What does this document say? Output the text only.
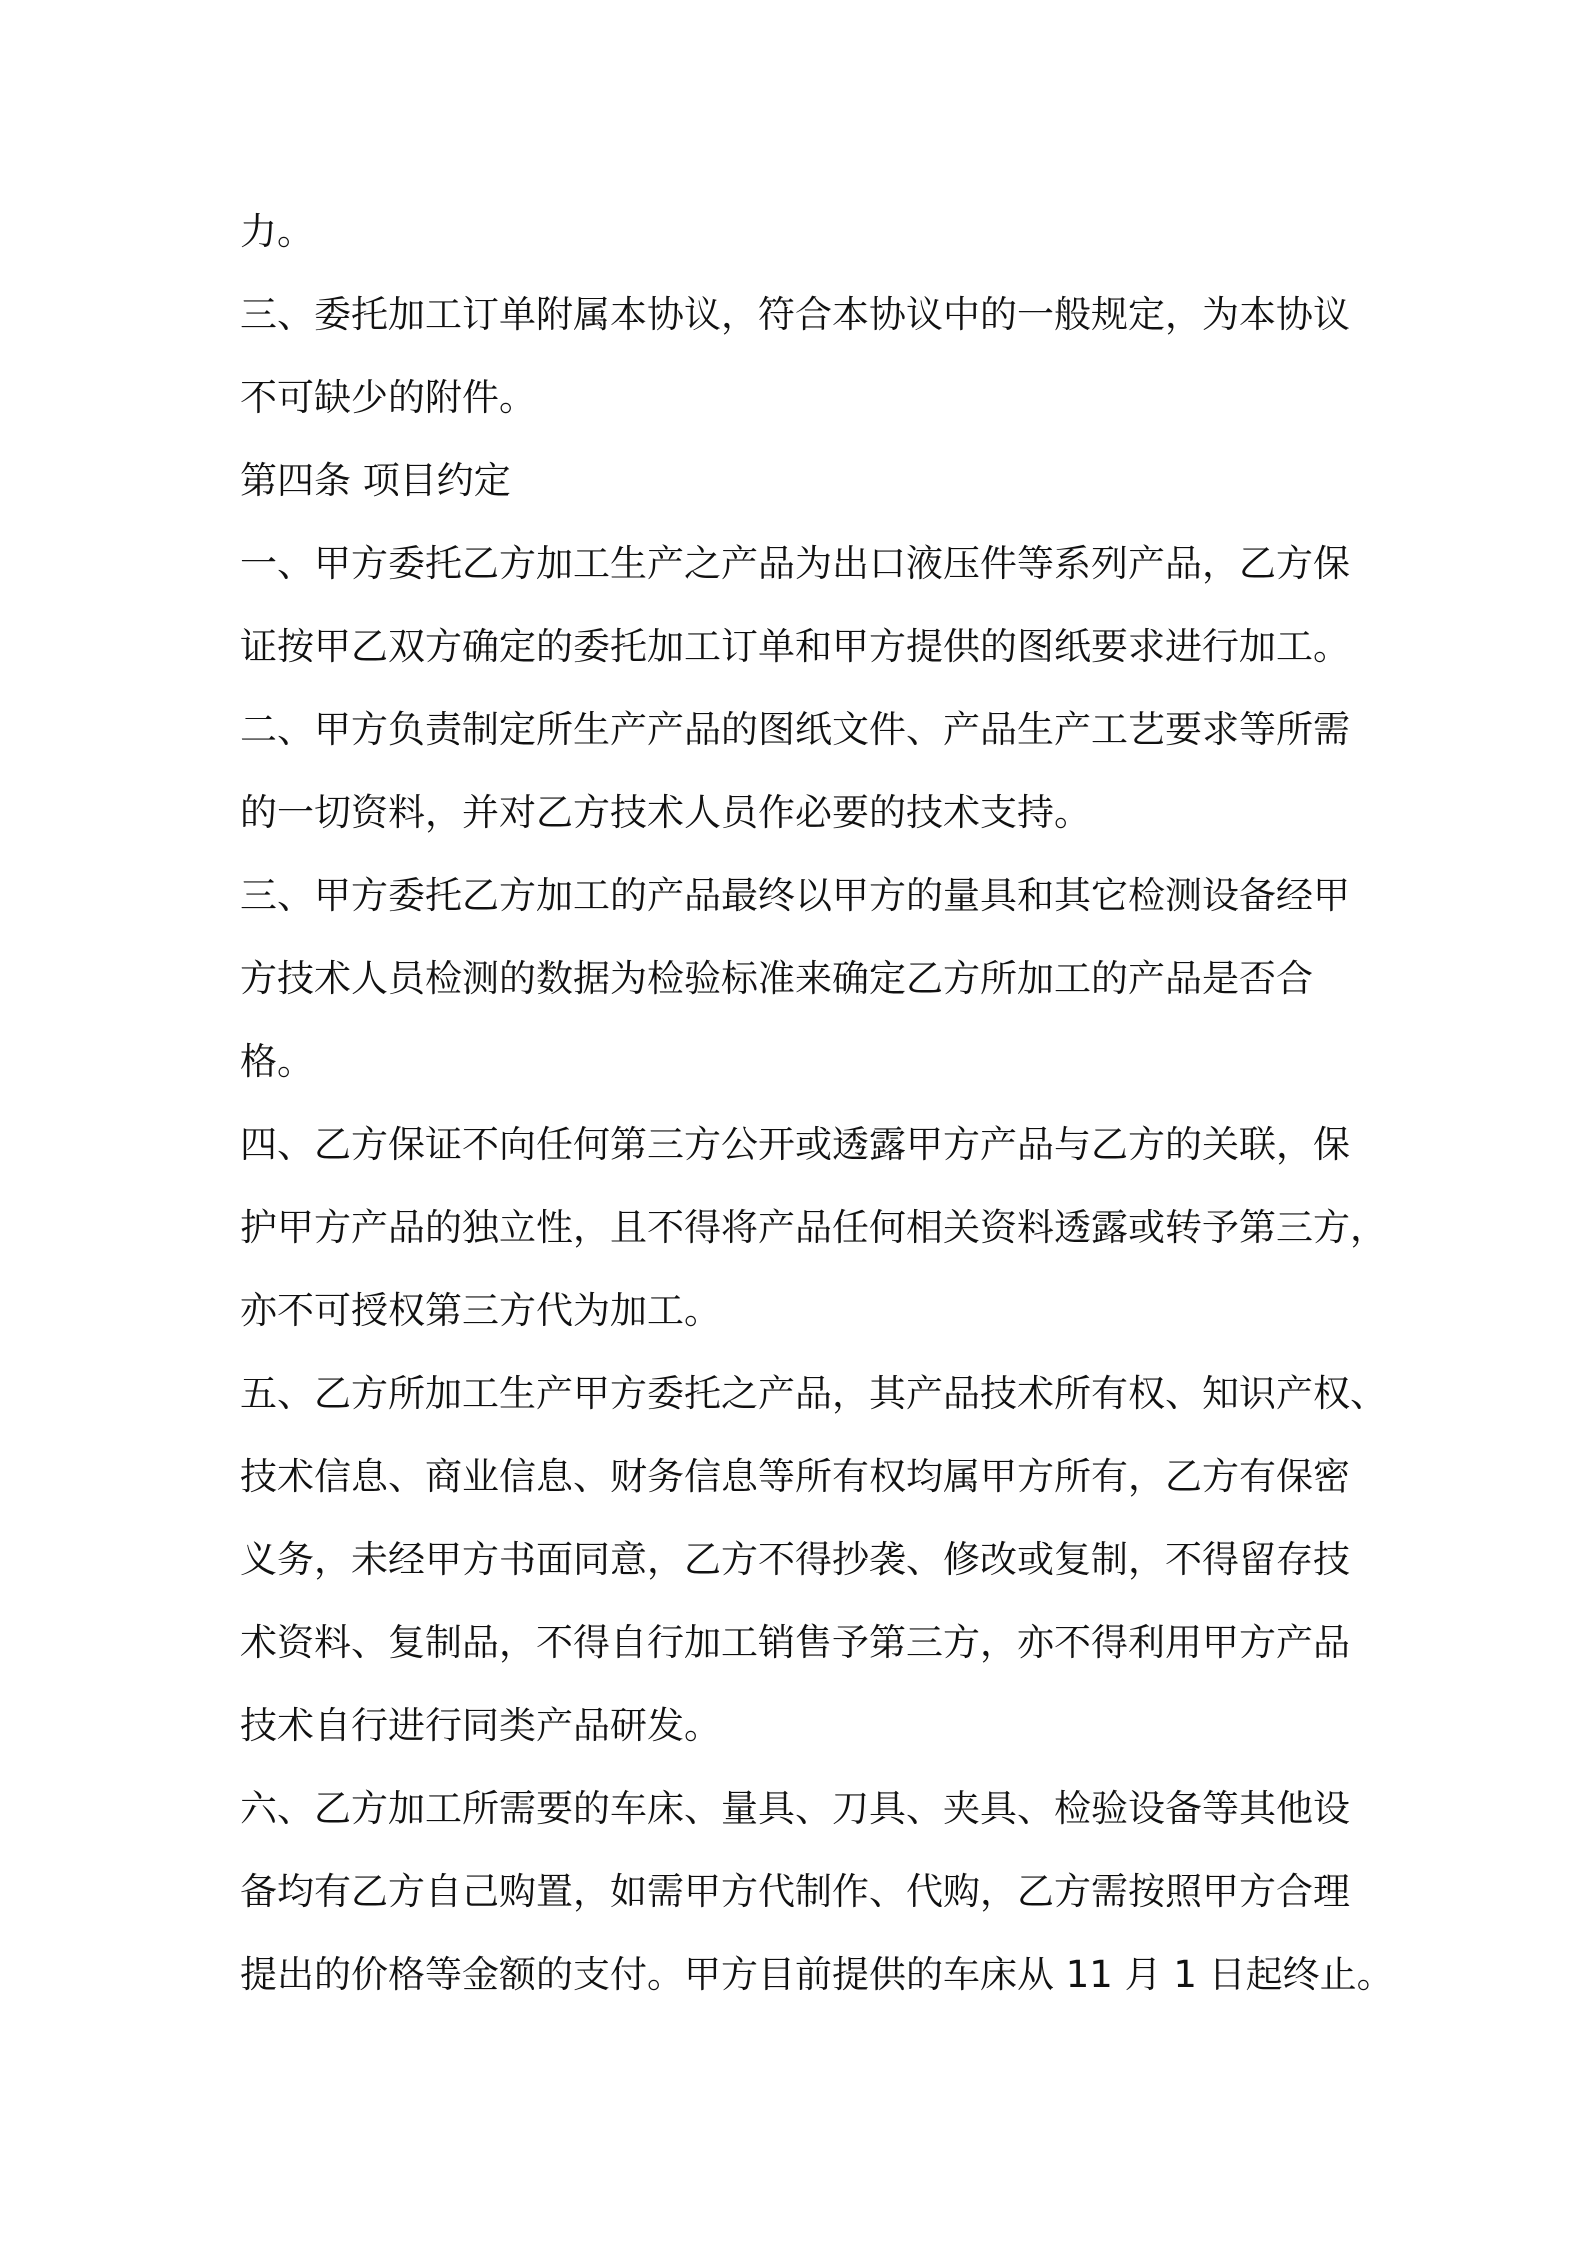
力。
三、委托加工订单附属本协议，符合本协议中的一般规定，为本协议
不可缺少的附件。
第四条 项目约定
一、甲方委托乙方加工生产之产品为出口液压件等系列产品，乙方保
证按甲乙双方确定的委托加工订单和甲方提供的图纸要求进行加工。
二、甲方负责制定所生产产品的图纸文件、产品生产工艺要求等所需
的一切资料，并对乙方技术人员作必要的技术支持。
三、甲方委托乙方加工的产品最终以甲方的量具和其它检测设备经甲
方技术人员检测的数据为检验标准来确定乙方所加工的产品是否合
格。
四、乙方保证不向任何第三方公开或透露甲方产品与乙方的关联，保
护甲方产品的独立性，且不得将产品任何相关资料透露或转予第三方，
亦不可授权第三方代为加工。
五、乙方所加工生产甲方委托之产品，其产品技术所有权、知识产权、
技术信息、商业信息、财务信息等所有权均属甲方所有，乙方有保密
义务，未经甲方书面同意，乙方不得抄袭、修改或复制，不得留存技
术资料、复制品，不得自行加工销售予第三方，亦不得利用甲方产品
技术自行进行同类产品研发。
六、乙方加工所需要的车床、量具、刀具、夹具、检验设备等其他设
备均有乙方自己购置，如需甲方代制作、代购，乙方需按照甲方合理
提出的价格等金额的支付。甲方目前提供的车床从 11 月 1 日起终止。
